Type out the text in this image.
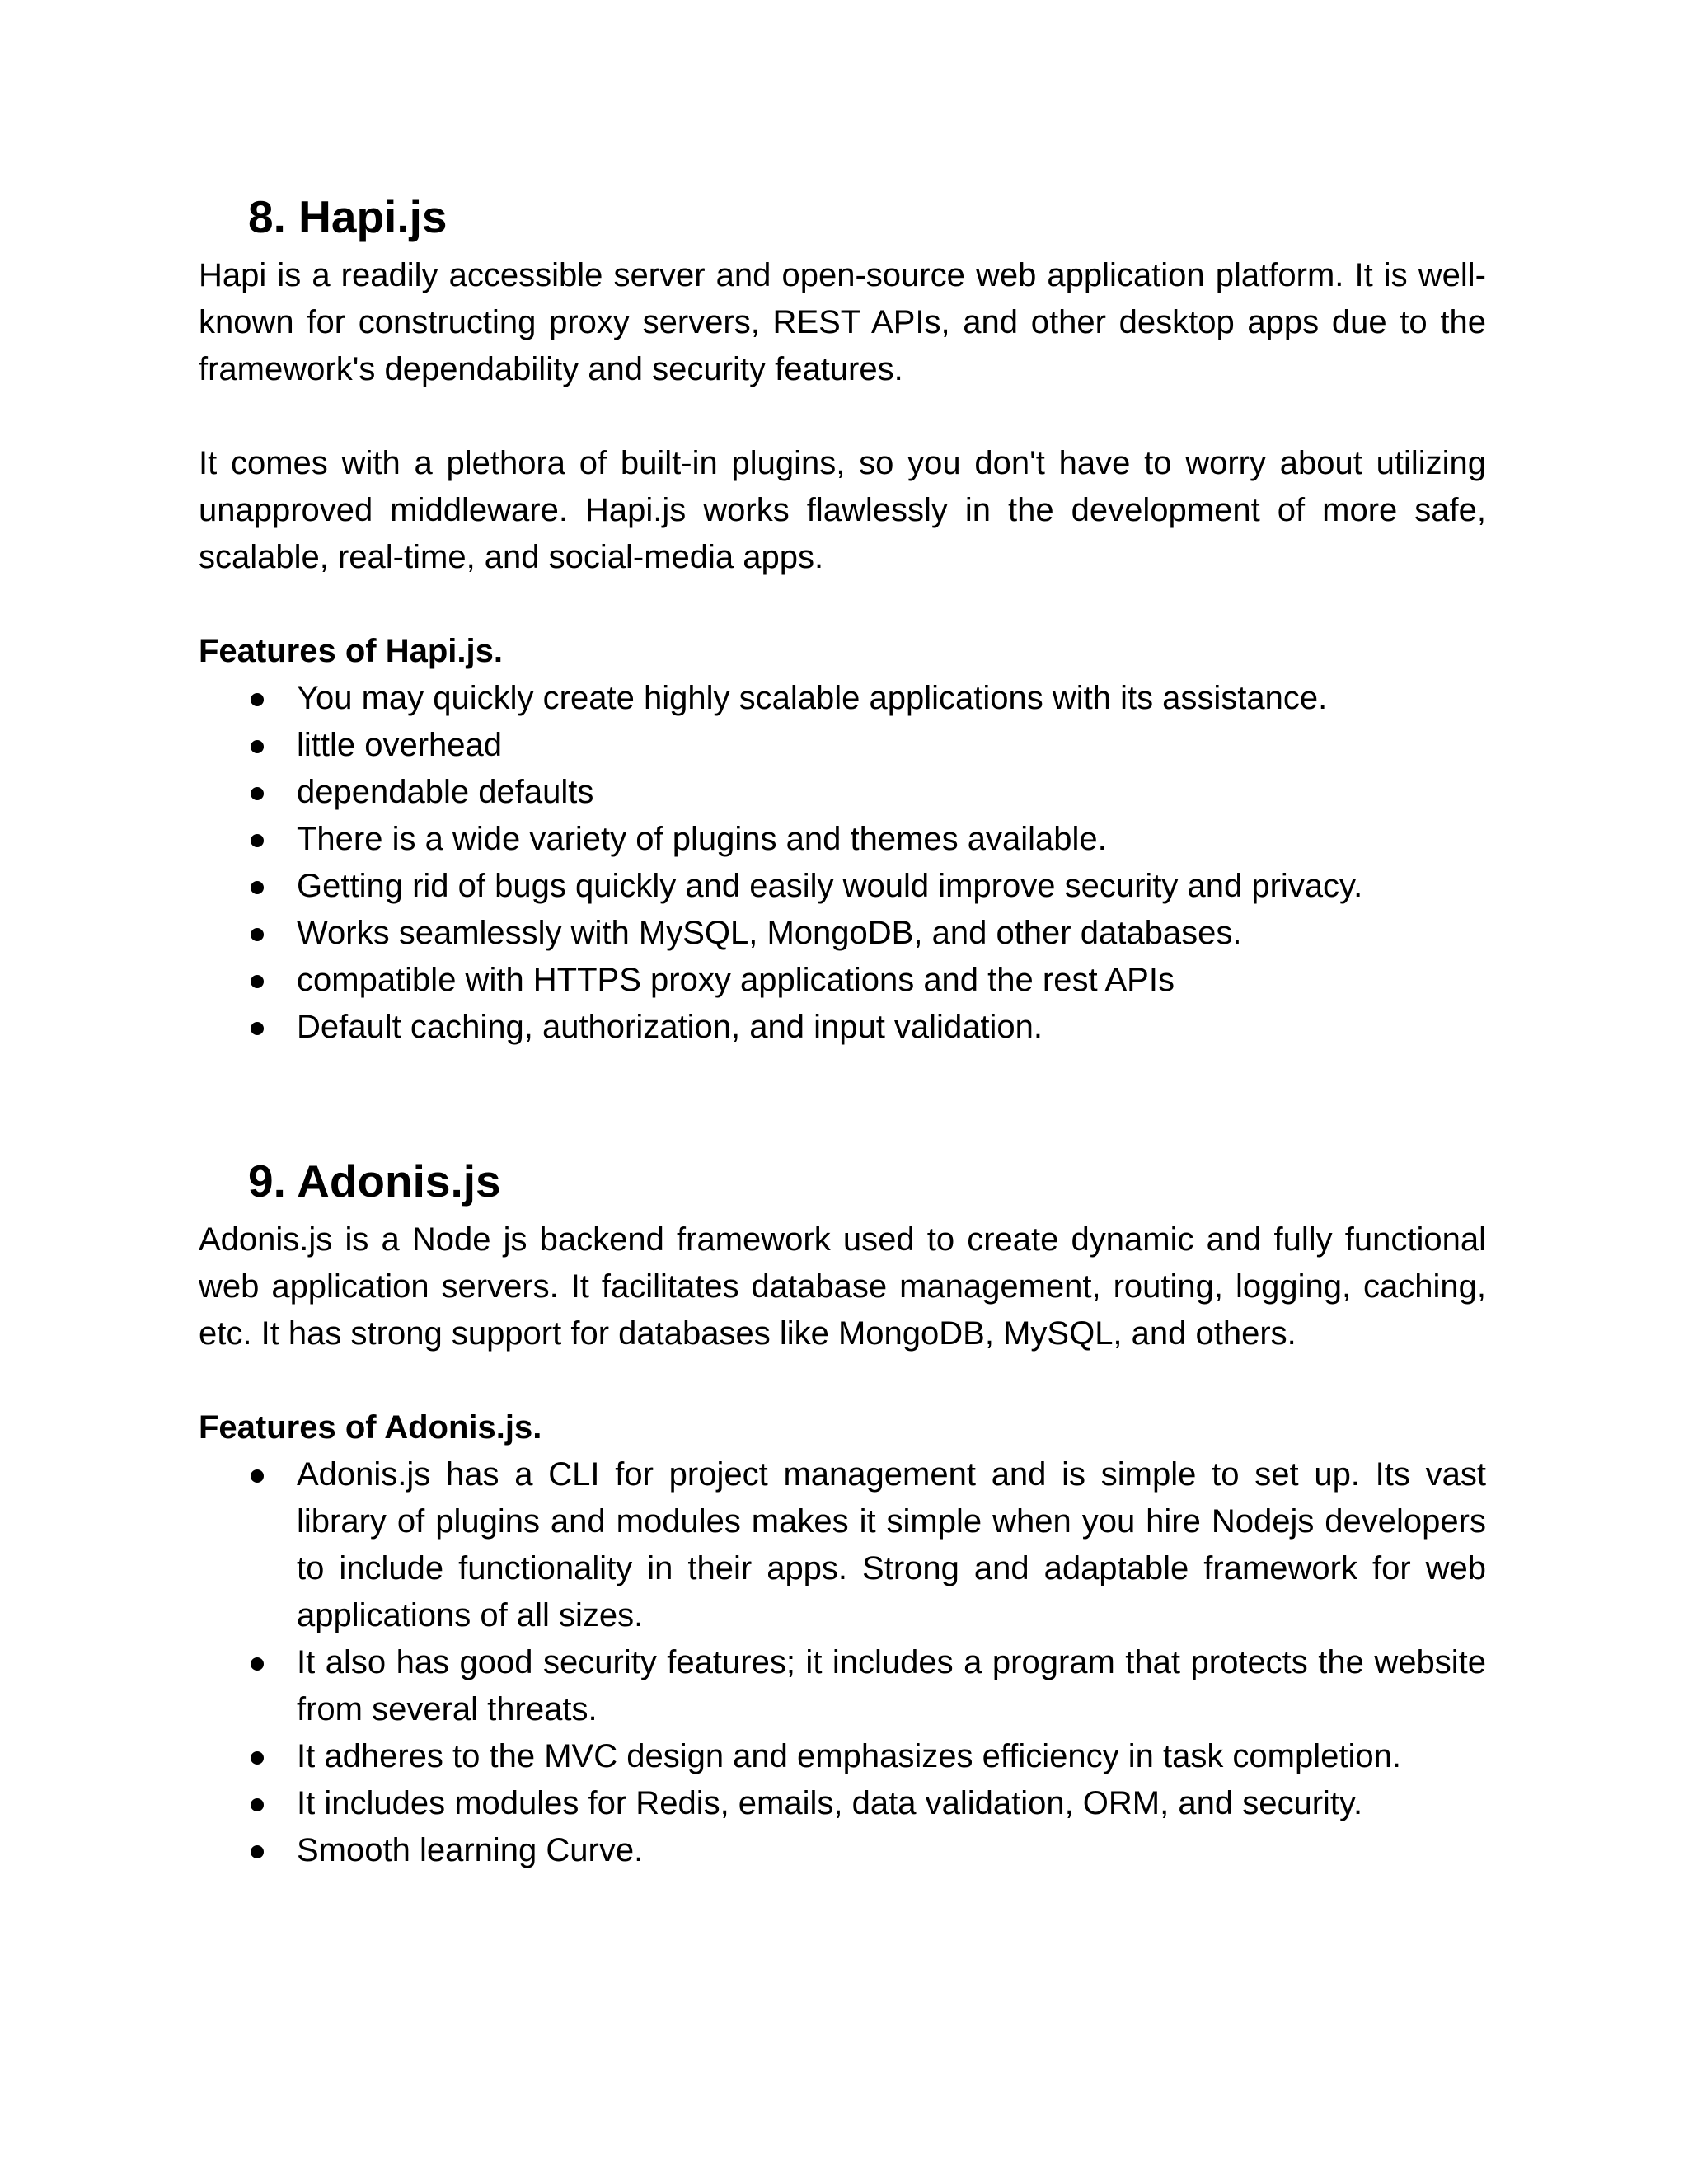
8. Hapi.js

Hapi is a readily accessible server and open-source web application platform. It is well-known for constructing proxy servers, REST APIs, and other desktop apps due to the framework's dependability and security features.

It comes with a plethora of built-in plugins, so you don't have to worry about utilizing unapproved middleware. Hapi.js works flawlessly in the development of more safe, scalable, real-time, and social-media apps.

Features of Hapi.js.
You may quickly create highly scalable applications with its assistance.
little overhead
dependable defaults
There is a wide variety of plugins and themes available.
Getting rid of bugs quickly and easily would improve security and privacy.
Works seamlessly with MySQL, MongoDB, and other databases.
compatible with HTTPS proxy applications and the rest APIs
Default caching, authorization, and input validation.
9. Adonis.js

Adonis.js is a Node js backend framework used to create dynamic and fully functional web application servers. It facilitates database management, routing, logging, caching, etc. It has strong support for databases like MongoDB, MySQL, and others.

Features of Adonis.js.
Adonis.js has a CLI for project management and is simple to set up. Its vast library of plugins and modules makes it simple when you hire Nodejs developers to include functionality in their apps. Strong and adaptable framework for web applications of all sizes.
It also has good security features; it includes a program that protects the website from several threats.
It adheres to the MVC design and emphasizes efficiency in task completion.
It includes modules for Redis, emails, data validation, ORM, and security.
Smooth learning Curve.
